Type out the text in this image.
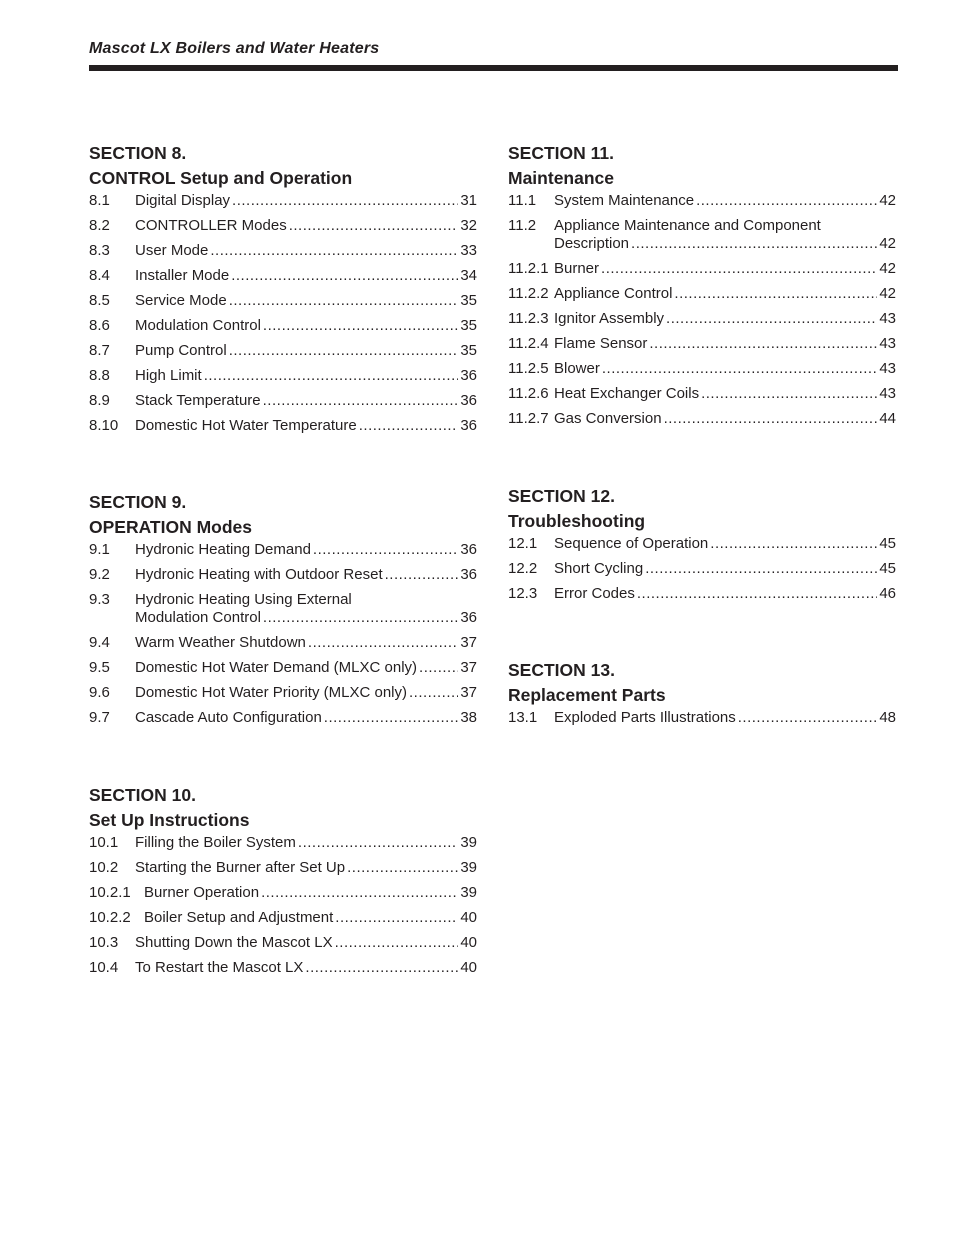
Mascot LX Boilers and Water Heaters
SECTION 8.
CONTROL Setup and Operation
8.1	Digital Display .....	31
8.2	CONTROLLER Modes .....	32
8.3	User Mode .....	33
8.4	Installer Mode .....	34
8.5	Service Mode .....	35
8.6	Modulation Control .....	35
8.7	Pump Control .....	35
8.8	High Limit .....	36
8.9	Stack Temperature .....	36
8.10	Domestic Hot Water Temperature .....	36
SECTION 9.
OPERATION Modes
9.1	Hydronic Heating Demand .....	36
9.2	Hydronic Heating with Outdoor Reset .....	36
9.3	Hydronic Heating Using External
Modulation Control .....	36
9.4	Warm Weather Shutdown .....	37
9.5	Domestic Hot Water Demand (MLXC only) .....	37
9.6	Domestic Hot Water Priority (MLXC only) .....	37
9.7	Cascade Auto Configuration .....	38
SECTION 10.
Set Up Instructions
10.1	Filling the Boiler System .....	39
10.2	Starting the Burner after Set Up .....	39
10.2.1 Burner Operation .....	39
10.2.2 Boiler Setup and Adjustment .....	40
10.3	Shutting Down the Mascot LX .....	40
10.4	To Restart the Mascot LX .....	40
SECTION 11.
Maintenance
11.1	System Maintenance .....	42
11.2	Appliance Maintenance and Component
Description .....	42
11.2.1 Burner .....	42
11.2.2 Appliance Control .....	42
11.2.3 Ignitor Assembly .....	43
11.2.4 Flame Sensor .....	43
11.2.5 Blower .....	43
11.2.6 Heat Exchanger Coils .....	43
11.2.7 Gas Conversion .....	44
SECTION 12.
Troubleshooting
12.1	Sequence of Operation .....	45
12.2	Short Cycling .....	45
12.3	Error Codes .....	46
SECTION 13.
Replacement Parts
13.1	Exploded Parts Illustrations .....	48
